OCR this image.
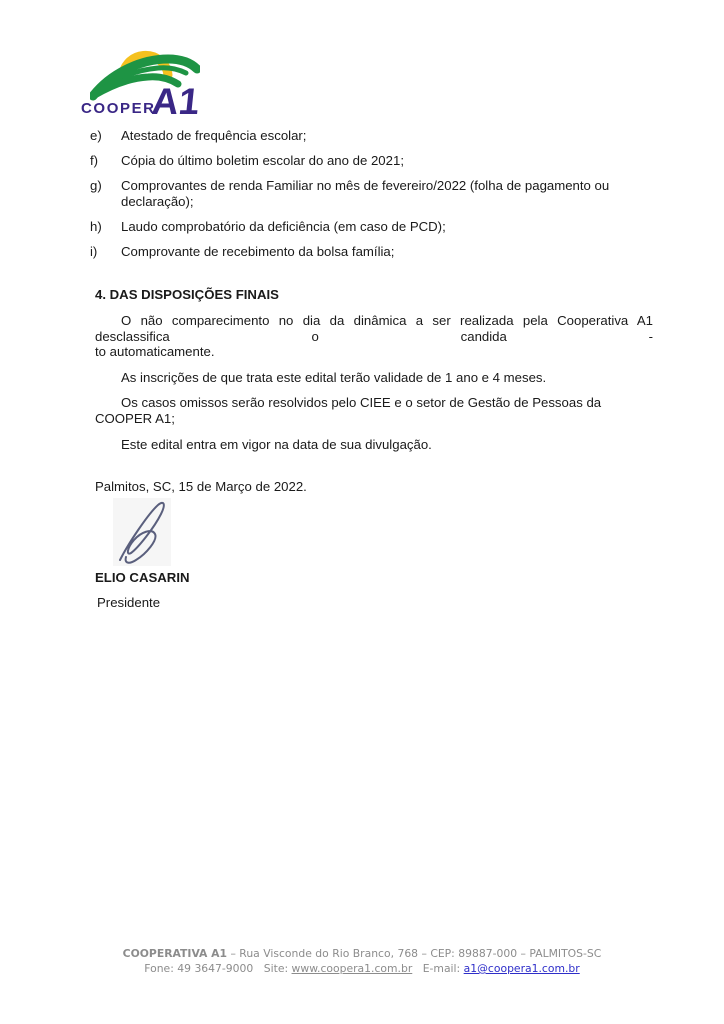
COOPER
A1
e)	Atestado de frequência escolar;
f)	Cópia do último boletim escolar do ano de 2021;
g)	Comprovantes de renda Familiar no mês de fevereiro/2022 (folha de pagamento ou declaração);
h)	Laudo comprobatório da deficiência (em caso de PCD);
i)	Comprovante de recebimento da bolsa família;
4. DAS DISPOSIÇÕES FINAIS
O não comparecimento no dia da dinâmica a ser realizada pela Cooperativa A1 desclassifica o candida -
to automaticamente.
As inscrições de que trata este edital terão validade de 1 ano e 4 meses.
Os casos omissos serão resolvidos pelo CIEE e o setor de Gestão de Pessoas da COOPER A1;
Este edital entra em vigor na data de sua divulgação.
Palmitos, SC, 15 de Março de 2022.
ELIO CASARIN
Presidente
COOPERATIVA A1 – Rua Visconde do Rio Branco, 768 – CEP: 89887-000 – PALMITOS-SC
Fone: 49 3647-9000 Site: www.coopera1.com.br E-mail: a1@coopera1.com.br
